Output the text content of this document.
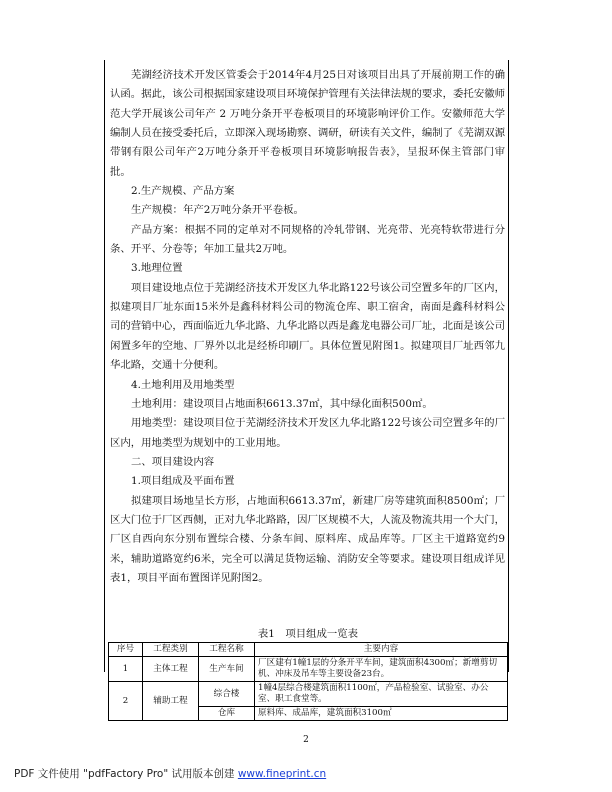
芜湖经济技术开发区管委会于2014年4月25日对该项目出具了开展前期工作的确认函。据此，该公司根据国家建设项目环境保护管理有关法律法规的要求，委托安徽师范大学开展该公司年产 2 万吨分条开平卷板项目的环境影响评价工作。安徽师范大学编制人员在接受委托后，立即深入现场勘察、调研，研读有关文件，编制了《芜湖双源带钢有限公司年产2万吨分条开平卷板项目环境影响报告表》，呈报环保主管部门审批。

2.生产规模、产品方案

生产规模：年产2万吨分条开平卷板。

产品方案：根据不同的定单对不同规格的冷轧带钢、光亮带、光亮特软带进行分条、开平、分卷等；年加工量共2万吨。

3.地理位置

项目建设地点位于芜湖经济技术开发区九华北路122号该公司空置多年的厂区内，拟建项目厂址东面15米外是鑫科材料公司的物流仓库、职工宿舍，南面是鑫科材料公司的营销中心，西面临近九华北路、九华北路以西是鑫龙电器公司厂址，北面是该公司闲置多年的空地、厂界外以北是经桥印刷厂。具体位置见附图1。拟建项目厂址西邻九华北路，交通十分便利。

4.土地利用及用地类型

土地利用：建设项目占地面积6613.37㎡，其中绿化面积500㎡。

用地类型：建设项目位于芜湖经济技术开发区九华北路122号该公司空置多年的厂区内，用地类型为规划中的工业用地。

二、项目建设内容

1.项目组成及平面布置

拟建项目场地呈长方形，占地面积6613.37㎡，新建厂房等建筑面积8500㎡；厂区大门位于厂区西侧，正对九华北路路，因厂区规模不大，人流及物流共用一个大门，厂区自西向东分别布置综合楼、分条车间、原料库、成品库等。厂区主干道路宽约9米，辅助道路宽约6米，完全可以满足货物运输、消防安全等要求。建设项目组成详见表1，项目平面布置图详见附图2。

表1　项目组成一览表
序号	工程类别	工程名称	主要内容
1	主体工程	生产车间	厂区建有1幢1层的分条开平车间，建筑面积4300㎡；新增剪切机、冲床及吊车等主要设备23台。
2	辅助工程	综合楼	1幢4层综合楼建筑面积1100㎡，产品检验室、试验室、办公室、职工食堂等。
		仓库	原料库、成品库，建筑面积3100㎡
2
PDF 文件使用 "pdfFactory Pro" 试用版本创建 www.fineprint.cn
